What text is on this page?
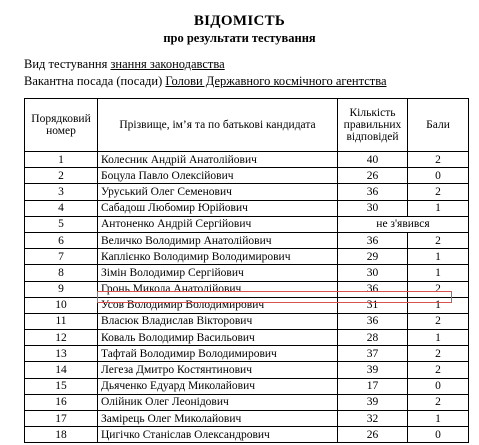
ВІДОМІСТЬ
про результати тестування
Вид тестування знання законодавства
Вакантна посада (посади) Голови Державного космічного агентства
Порядковий номер	Прізвище, ім’я та по батькові кандидата	Кількість правильних відповідей	Бали
1	Колесник Андрій Анатолійович	40	2
2	Боцула Павло Олексійович	26	0
3	Уруський Олег Семенович	36	2
4	Сабадош Любомир Юрійович	30	1
5	Антоненко Андрій Сергійович	не з'явився	
6	Величко Володимир Анатолійович	36	2
7	Каплієнко Володимир Володимирович	29	1
8	Зімін Володимир Сергійович	30	1
9	Гронь Микола Анатолійович	36	2
10	Усов Володимир Володимирович	31	1
11	Власюк Владислав Вікторович	36	2
12	Коваль Володимир Васильович	28	1
13	Тафтай Володимир Володимирович	37	2
14	Легеза Дмитро Костянтинович	39	2
15	Дьяченко Едуард Миколайович	17	0
16	Олійник Олег Леонідович	39	2
17	Замірець Олег Миколайович	32	1
18	Цигічко Станіслав Олександрович	26	0
